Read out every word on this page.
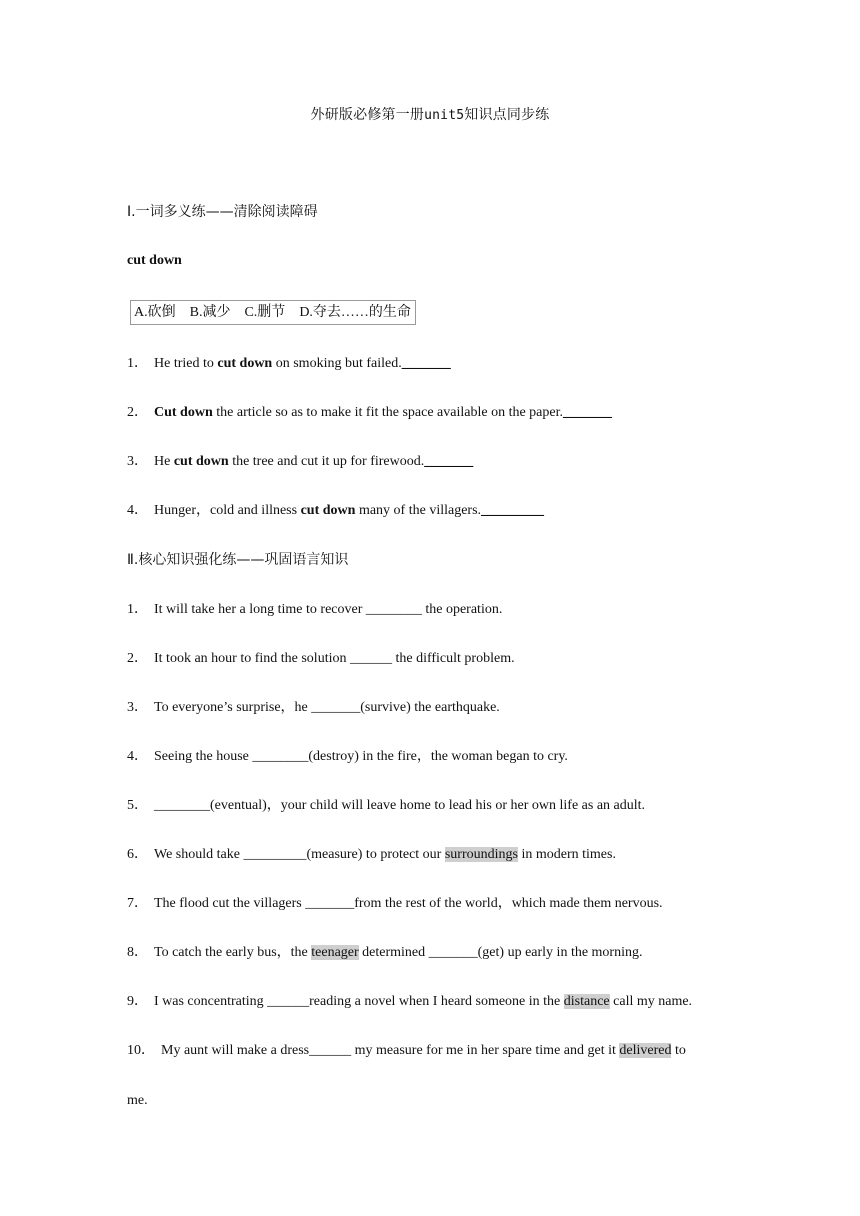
外研版必修第一册unit5知识点同步练
Ⅰ.一词多义练——清除阅读障碍
cut down
A.砍倒 B.减少 C.删节 D.夺去……的生命
1． He tried to cut down on smoking but failed._______
2． Cut down the article so as to make it fit the space available on the paper._______
3． He cut down the tree and cut it up for firewood._______
4． Hunger，cold and illness cut down many of the villagers._________
Ⅱ.核心知识强化练——巩固语言知识
1． It will take her a long time to recover ________ the operation.
2． It took an hour to find the solution ______ the difficult problem.
3． To everyone’s surprise，he _______(survive) the earthquake.
4． Seeing the house ________(destroy) in the fire，the woman began to cry.
5． ________(eventual)，your child will leave home to lead his or her own life as an adult.
6． We should take _________(measure) to protect our surroundings in modern times.
7． The flood cut the villagers _______from the rest of the world，which made them nervous.
8． To catch the early bus，the teenager determined _______(get) up early in the morning.
9． I was concentrating ______reading a novel when I heard someone in the distance call my name.
10． My aunt will make a dress______ my measure for me in her spare time and get it delivered to
me.
